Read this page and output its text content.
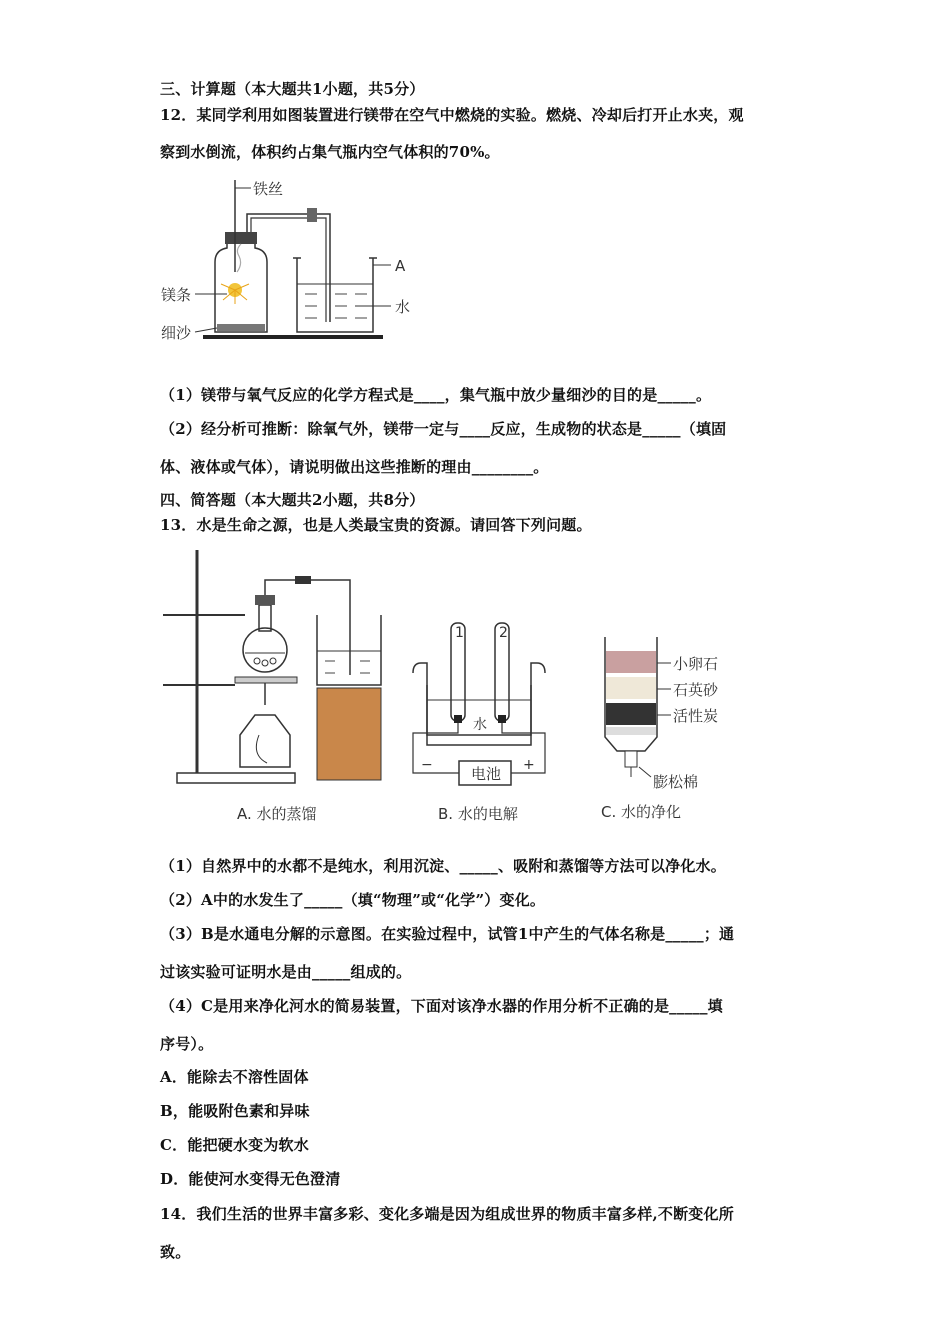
三、计算题（本大题共1小题，共5分）
12．某同学利用如图装置进行镁带在空气中燃烧的实验。燃烧、冷却后打开止水夹，观
察到水倒流，体积约占集气瓶内空气体积的70%。
铁丝
镁条
细沙
A
水
（1）镁带与氧气反应的化学方程式是____，集气瓶中放少量细沙的目的是_____。
（2）经分析可推断：除氧气外，镁带一定与____反应，生成物的状态是_____（填固
体、液体或气体），请说明做出这些推断的理由________。
四、简答题（本大题共2小题，共8分）
13．水是生命之源，也是人类最宝贵的资源。请回答下列问题。
1	2
水
电池
−	+
小卵石
石英砂
活性炭
膨松棉
A. 水的蒸馏	B. 水的电解	C. 水的净化
（1）自然界中的水都不是纯水，利用沉淀、_____、吸附和蒸馏等方法可以净化水。
（2）A中的水发生了_____（填“物理”或“化学”）变化。
（3）B是水通电分解的示意图。在实验过程中，试管1中产生的气体名称是_____；通
过该实验可证明水是由_____组成的。
（4）C是用来净化河水的简易装置，下面对该净水器的作用分析不正确的是_____填
序号）。
A．能除去不溶性固体
B，能吸附色素和异味
C．能把硬水变为软水
D．能使河水变得无色澄清
14．我们生活的世界丰富多彩、变化多端是因为组成世界的物质丰富多样,不断变化所
致。
